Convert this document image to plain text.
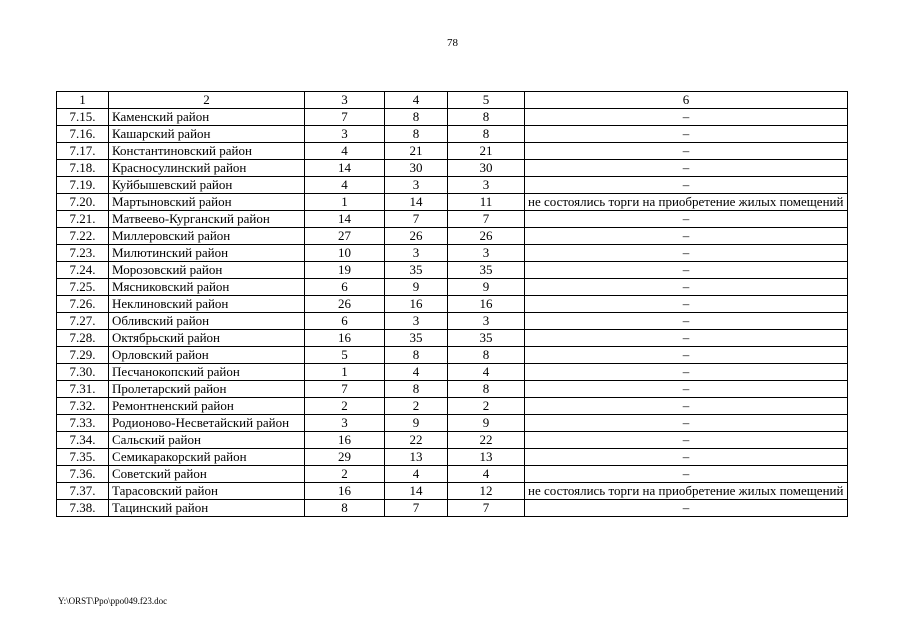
78
1	2	3	4	5	6
7.15.	Каменский район	7	8	8	–
7.16.	Кашарский район	3	8	8	–
7.17.	Константиновский район	4	21	21	–
7.18.	Красносулинский район	14	30	30	–
7.19.	Куйбышевский район	4	3	3	–
7.20.	Мартыновский район	1	14	11	не состоялись торги на приобретение жилых помещений
7.21.	Матвеево-Курганский район	14	7	7	–
7.22.	Миллеровский район	27	26	26	–
7.23.	Милютинский район	10	3	3	–
7.24.	Морозовский район	19	35	35	–
7.25.	Мясниковский район	6	9	9	–
7.26.	Неклиновский район	26	16	16	–
7.27.	Обливский район	6	3	3	–
7.28.	Октябрьский район	16	35	35	–
7.29.	Орловский район	5	8	8	–
7.30.	Песчанокопский район	1	4	4	–
7.31.	Пролетарский район	7	8	8	–
7.32.	Ремонтненский район	2	2	2	–
7.33.	Родионово-Несветайский район	3	9	9	–
7.34.	Сальский район	16	22	22	–
7.35.	Семикаракорский район	29	13	13	–
7.36.	Советский район	2	4	4	–
7.37.	Тарасовский район	16	14	12	не состоялись торги на приобретение жилых помещений
7.38.	Тацинский район	8	7	7	–
Y:\ORST\Ppo\ppo049.f23.doc
